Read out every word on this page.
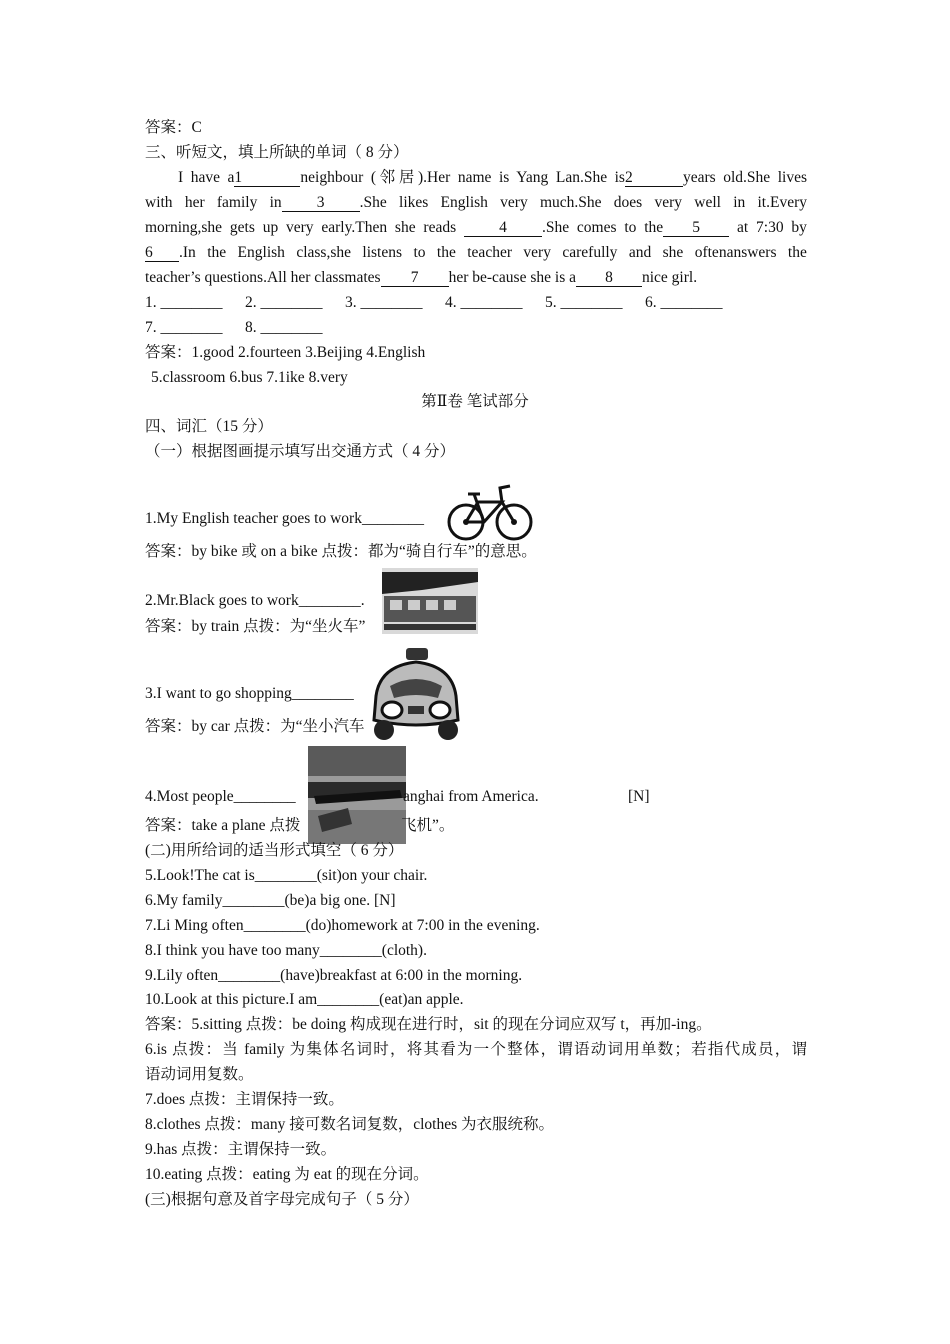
答案：C
三、听短文，填上所缺的单词（ 8 分）
I have a1	neighbour (邻居).Her name is Yang Lan.She is2	years old.She lives
with her family in 3 .She likes English very much.She does very well in it.Every
morning,she gets up very early.Then she reads	4 .She comes to the 5	at 7:30 by
6 .In the English class,she listens to the teacher very carefully and she oftenanswers the
teacher’s questions.All her classmates 7 her be-cause she is a 8 nice girl.
1. ________ 2. ________ 3. ________ 4. ________ 5. ________ 6. ________
7. ________ 8. ________
答案：1.good 2.fourteen 3.Beijing 4.English
5.classroom 6.bus 7.1ike 8.very
第Ⅱ卷 笔试部分
四、词汇（15 分）
（一）根据图画提示填写出交通方式（ 4 分）
1.My English teacher goes to work________
答案：by bike 或 on a bike 点拨：都为“骑自行车”的意思。
2.Mr.Black goes to work________.
答案：by train 点拨：为“坐火车”
3.I want to go shopping________
答案：by car 点拨：为“坐小汽车
4.Most people________	anghai from America.	[N]
答案：take a plane 点拨	飞机”。
(二)用所给词的适当形式填空（ 6 分）
5.Look!The cat is________(sit)on your chair.
6.My family________(be)a big one. [N]
7.Li Ming often________(do)homework at 7:00 in the evening.
8.I think you have too many________(cloth).
9.Lily often________(have)breakfast at 6:00 in the morning.
10.Look at this picture.I am________(eat)an apple.
答案：5.sitting 点拨：be doing 构成现在进行时，sit 的现在分词应双写 t，再加-ing。
6.is 点拨：当 family 为集体名词时，将其看为一个整体，谓语动词用单数；若指代成员，谓
语动词用复数。
7.does 点拨：主谓保持一致。
8.clothes 点拨：many 接可数名词复数，clothes 为衣服统称。
9.has 点拨：主谓保持一致。
10.eating 点拨：eating 为 eat 的现在分词。
(三)根据句意及首字母完成句子（ 5 分）
